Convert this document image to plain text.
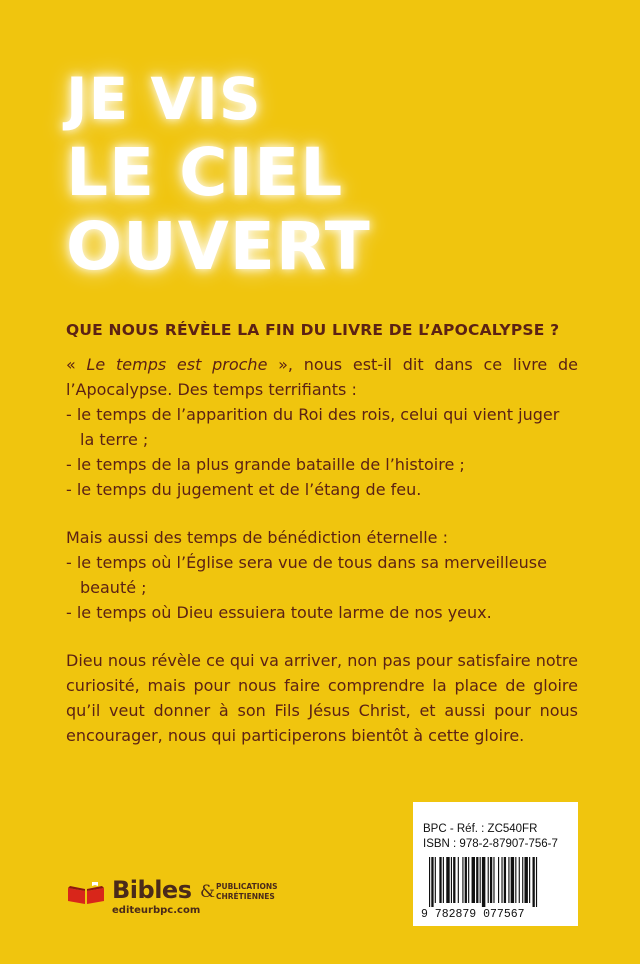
JE VIS
LE CIEL
OUVERT
QUE NOUS RÉVÈLE LA FIN DU LIVRE DE L’APOCALYPSE ?

« Le temps est proche », nous est-il dit dans ce livre de l’Apocalypse. Des temps terrifiants :

- le temps de l’apparition du Roi des rois, celui qui vient juger la terre ;

- le temps de la plus grande bataille de l’histoire ;

- le temps du jugement et de l’étang de feu.

Mais aussi des temps de bénédiction éternelle :

- le temps où l’Église sera vue de tous dans sa merveilleuse beauté ;

- le temps où Dieu essuiera toute larme de nos yeux.

Dieu nous révèle ce qui va arriver, non pas pour satisfaire notre curiosité, mais pour nous faire comprendre la place de gloire qu’il veut donner à son Fils Jésus Christ, et aussi pour nous encourager, nous qui participerons bientôt à cette gloire.

Bibles & PUBLICATIONS
CHRÉTIENNES
editeurbpc.com
BPC - Réf. : ZC540FR
ISBN : 978-2-87907-756-7
9 782879 077567
